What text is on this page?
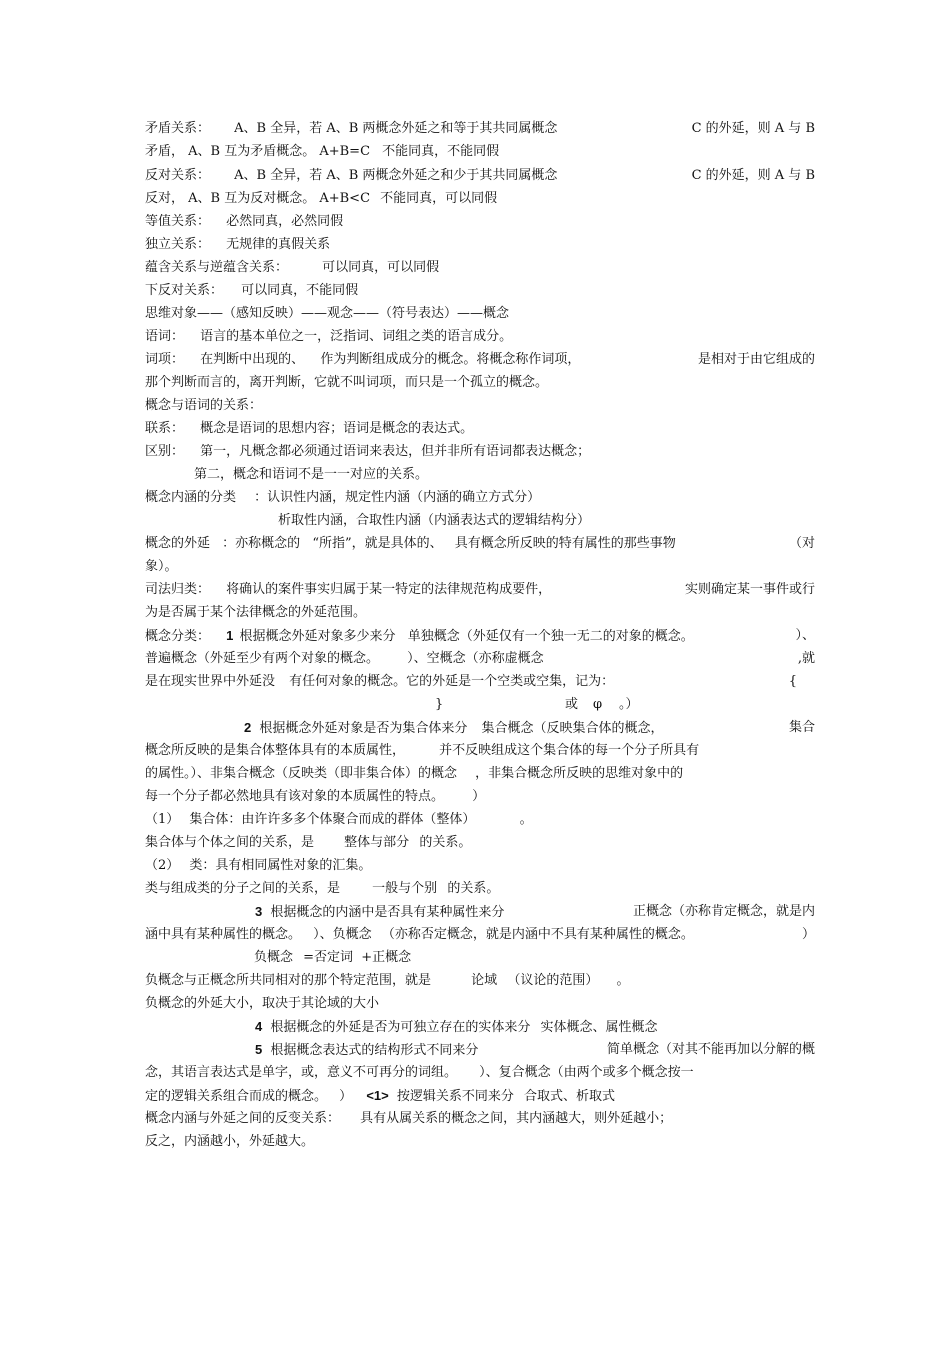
矛盾关系： A、B 全异，若 A、B 两概念外延之和等于其共同属概念	C 的外延，则 A 与 B
矛盾， A、B 互为矛盾概念。 A+B=C 不能同真，不能同假
反对关系： A、B 全异，若 A、B 两概念外延之和少于其共同属概念	C 的外延，则 A 与 B
反对， A、B 互为反对概念。 A+B<C 不能同真，可以同假
等值关系： 必然同真，必然同假
独立关系： 无规律的真假关系
蕴含关系与逆蕴含关系：	可以同真，可以同假
下反对关系： 可以同真，不能同假
思维对象——（感知反映）——观念——（符号表达）——概念
语词： 语言的基本单位之一，泛指词、词组之类的语言成分。
词项： 在判断中出现的、 作为判断组成成分的概念。将概念称作词项，	是相对于由它组成的
那个判断而言的，离开判断，它就不叫词项，而只是一个孤立的概念。
概念与语词的关系：
联系： 概念是语词的思想内容；语词是概念的表达式。
区别： 第一，凡概念都必须通过语词来表达，但并非所有语词都表达概念；
第二，概念和语词不是一一对应的关系。
概念内涵的分类 ：认识性内涵，规定性内涵（内涵的确立方式分）
析取性内涵，合取性内涵（内涵表达式的逻辑结构分）
概念的外延 ：亦称概念的 “所指”，就是具体的、 具有概念所反映的特有属性的那些事物	（对
象）。
司法归类： 将确认的案件事实归属于某一特定的法律规范构成要件，	实则确定某一事件或行
为是否属于某个法律概念的外延范围。
概念分类： 1 根据概念外延对象多少来分 单独概念（外延仅有一个独一无二的对象的概念。	）、
普遍概念（外延至少有两个对象的概念。 ）、空概念（亦称虚概念	,就
是在现实世界中外延没 有任何对象的概念。它的外延是一个空类或空集，记为：	{
}	或 φ 。）
2 根据概念外延对象是否为集合体来分 集合概念（反映集合体的概念，	集合
概念所反映的是集合体整体具有的本质属性，	并不反映组成这个集合体的每一个分子所具有
的属性。）、非集合概念（反映类（即非集合体）的概念 ，非集合概念所反映的思维对象中的
每一个分子都必然地具有该对象的本质属性的特点。 ）
（1） 集合体：由许许多多个体聚合而成的群体（整体）	。
集合体与个体之间的关系，是 整体与部分 的关系。
（2） 类：具有相同属性对象的汇集。
类与组成类的分子之间的关系，是 一般与个别 的关系。
3 根据概念的内涵中是否具有某种属性来分	正概念（亦称肯定概念，就是内
涵中具有某种属性的概念。 ）、负概念 （亦称否定概念，就是内涵中不具有某种属性的概念。	）
负概念 =否定词 +正概念
负概念与正概念所共同相对的那个特定范围，就是	论域 （议论的范围） 。
负概念的外延大小，取决于其论域的大小
4 根据概念的外延是否为可独立存在的实体来分 实体概念、属性概念
5 根据概念表达式的结构形式不同来分	简单概念（对其不能再加以分解的概
念，其语言表达式是单字，或，意义不可再分的词组。 ）、复合概念（由两个或多个概念按一
定的逻辑关系组合而成的概念。 ） <1> 按逻辑关系不同来分 合取式、析取式
概念内涵与外延之间的反变关系： 具有从属关系的概念之间，其内涵越大，则外延越小；
反之，内涵越小，外延越大。
